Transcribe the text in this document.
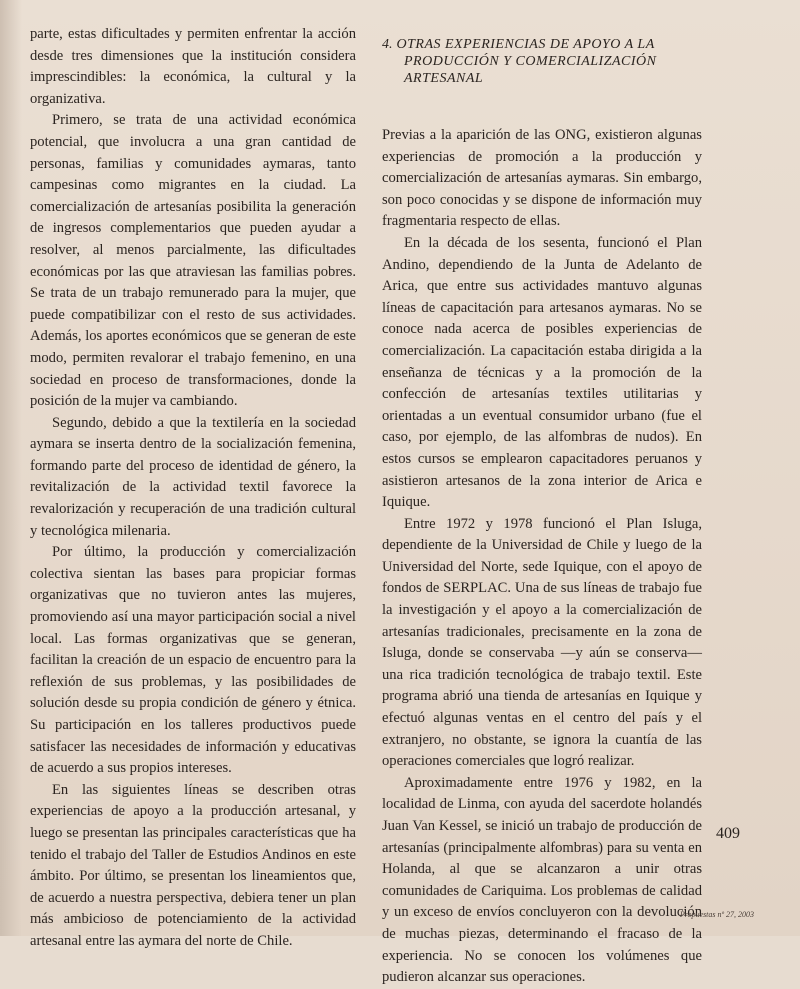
parte, estas dificultades y permiten enfrentar la acción desde tres dimensiones que la institución considera imprescindibles: la económica, la cultural y la organizativa.

Primero, se trata de una actividad económica potencial, que involucra a una gran cantidad de personas, familias y comunidades aymaras, tanto campesinas como migrantes en la ciudad. La comercialización de artesanías posibilita la generación de ingresos complementarios que pueden ayudar a resolver, al menos parcialmente, las dificultades económicas por las que atraviesan las familias pobres. Se trata de un trabajo remunerado para la mujer, que puede compatibilizar con el resto de sus actividades. Además, los aportes económicos que se generan de este modo, permiten revalorar el trabajo femenino, en una sociedad en proceso de transformaciones, donde la posición de la mujer va cambiando.

Segundo, debido a que la textilería en la sociedad aymara se inserta dentro de la socialización femenina, formando parte del proceso de identidad de género, la revitalización de la actividad textil favorece la revalorización y recuperación de una tradición cultural y tecnológica milenaria.

Por último, la producción y comercialización colectiva sientan las bases para propiciar formas organizativas que no tuvieron antes las mujeres, promoviendo así una mayor participación social a nivel local. Las formas organizativas que se generan, facilitan la creación de un espacio de encuentro para la reflexión de sus problemas, y las posibilidades de solución desde su propia condición de género y étnica. Su participación en los talleres productivos puede satisfacer las necesidades de información y educativas de acuerdo a sus propios intereses.

En las siguientes líneas se describen otras experiencias de apoyo a la producción artesanal, y luego se presentan las principales características que ha tenido el trabajo del Taller de Estudios Andinos en este ámbito. Por último, se presentan los lineamientos que, de acuerdo a nuestra perspectiva, debiera tener un plan más ambicioso de potenciamiento de la actividad artesanal entre las aymara del norte de Chile.

4. OTRAS EXPERIENCIAS DE APOYO A LA
PRODUCCIÓN Y COMERCIALIZACIÓN ARTESANAL

Previas a la aparición de las ONG, existieron algunas experiencias de promoción a la producción y comercialización de artesanías aymaras. Sin embargo, son poco conocidas y se dispone de información muy fragmentaria respecto de ellas.

En la década de los sesenta, funcionó el Plan Andino, dependiendo de la Junta de Adelanto de Arica, que entre sus actividades mantuvo algunas líneas de capacitación para artesanos aymaras. No se conoce nada acerca de posibles experiencias de comercialización. La capacitación estaba dirigida a la enseñanza de técnicas y a la promoción de la confección de artesanías textiles utilitarias y orientadas a un eventual consumidor urbano (fue el caso, por ejemplo, de las alfombras de nudos). En estos cursos se emplearon capacitadores peruanos y asistieron artesanos de la zona interior de Arica e Iquique.

Entre 1972 y 1978 funcionó el Plan Isluga, dependiente de la Universidad de Chile y luego de la Universidad del Norte, sede Iquique, con el apoyo de fondos de SERPLAC. Una de sus líneas de trabajo fue la investigación y el apoyo a la comercialización de artesanías tradicionales, precisamente en la zona de Isluga, donde se conservaba —y aún se conserva— una rica tradición tecnológica de trabajo textil. Este programa abrió una tienda de artesanías en Iquique y efectuó algunas ventas en el centro del país y el extranjero, no obstante, se ignora la cuantía de las operaciones comerciales que logró realizar.

Aproximadamente entre 1976 y 1982, en la localidad de Linma, con ayuda del sacerdote holandés Juan Van Kessel, se inició un trabajo de producción de artesanías (principalmente alfombras) para su venta en Holanda, al que se alcanzaron a unir otras comunidades de Cariquima. Los problemas de calidad y un exceso de envíos concluyeron con la devolución de muchas piezas, determinando el fracaso de la experiencia. No se conocen los volúmenes que pudieron alcanzar sus operaciones.

409
Propuestas nº 27, 2003
